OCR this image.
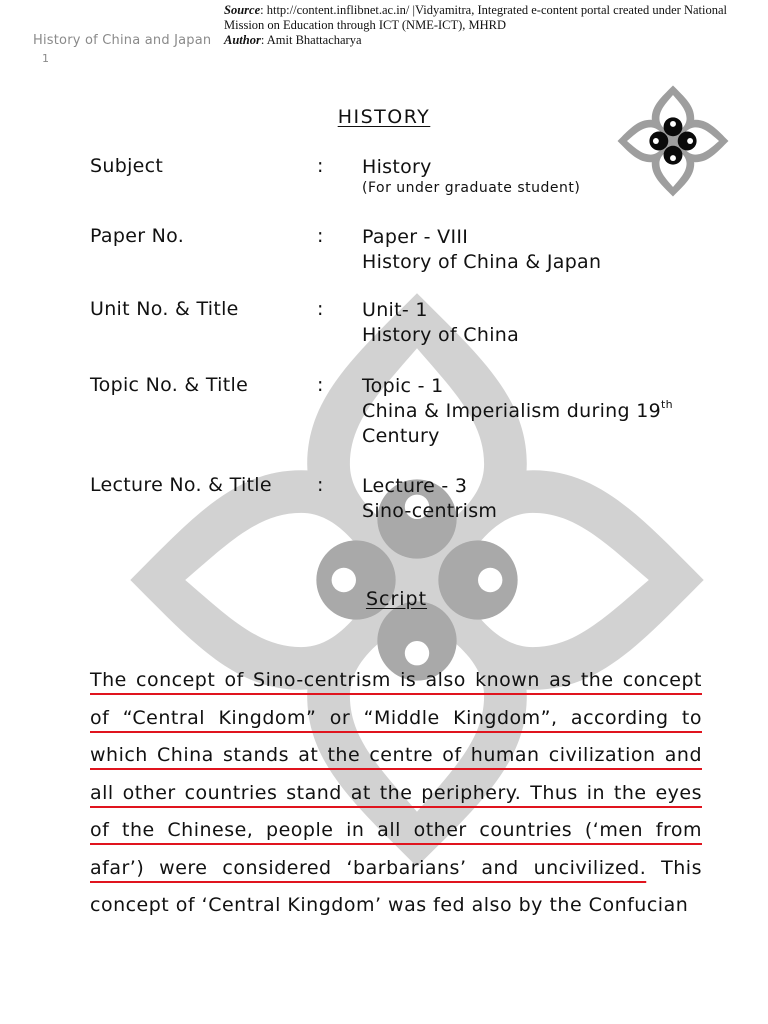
Source: http://content.inflibnet.ac.in/ |Vidyamitra, Integrated e-content portal created under National Mission on Education through ICT (NME-ICT), MHRD
Author: Amit Bhattacharya
History of China and Japan
1
HISTORY
Subject	: History
(For under graduate student)
Paper No.	: Paper - VIII
History of China & Japan
Unit No. & Title	: Unit- 1
History of China
Topic No. & Title	: Topic - 1
China & Imperialism during 19th
Century
Lecture No. & Title : Lecture - 3
Sino-centrism
Script
The concept of Sino-centrism is also known as the concept of “Central Kingdom” or “Middle Kingdom”, according to which China stands at the centre of human civilization and all other countries stand at the periphery. Thus in the eyes of the Chinese, people in all other countries (‘men from afar’) were considered ‘barbarians’ and uncivilized. This concept of ‘Central Kingdom’ was fed also by the Confucian
